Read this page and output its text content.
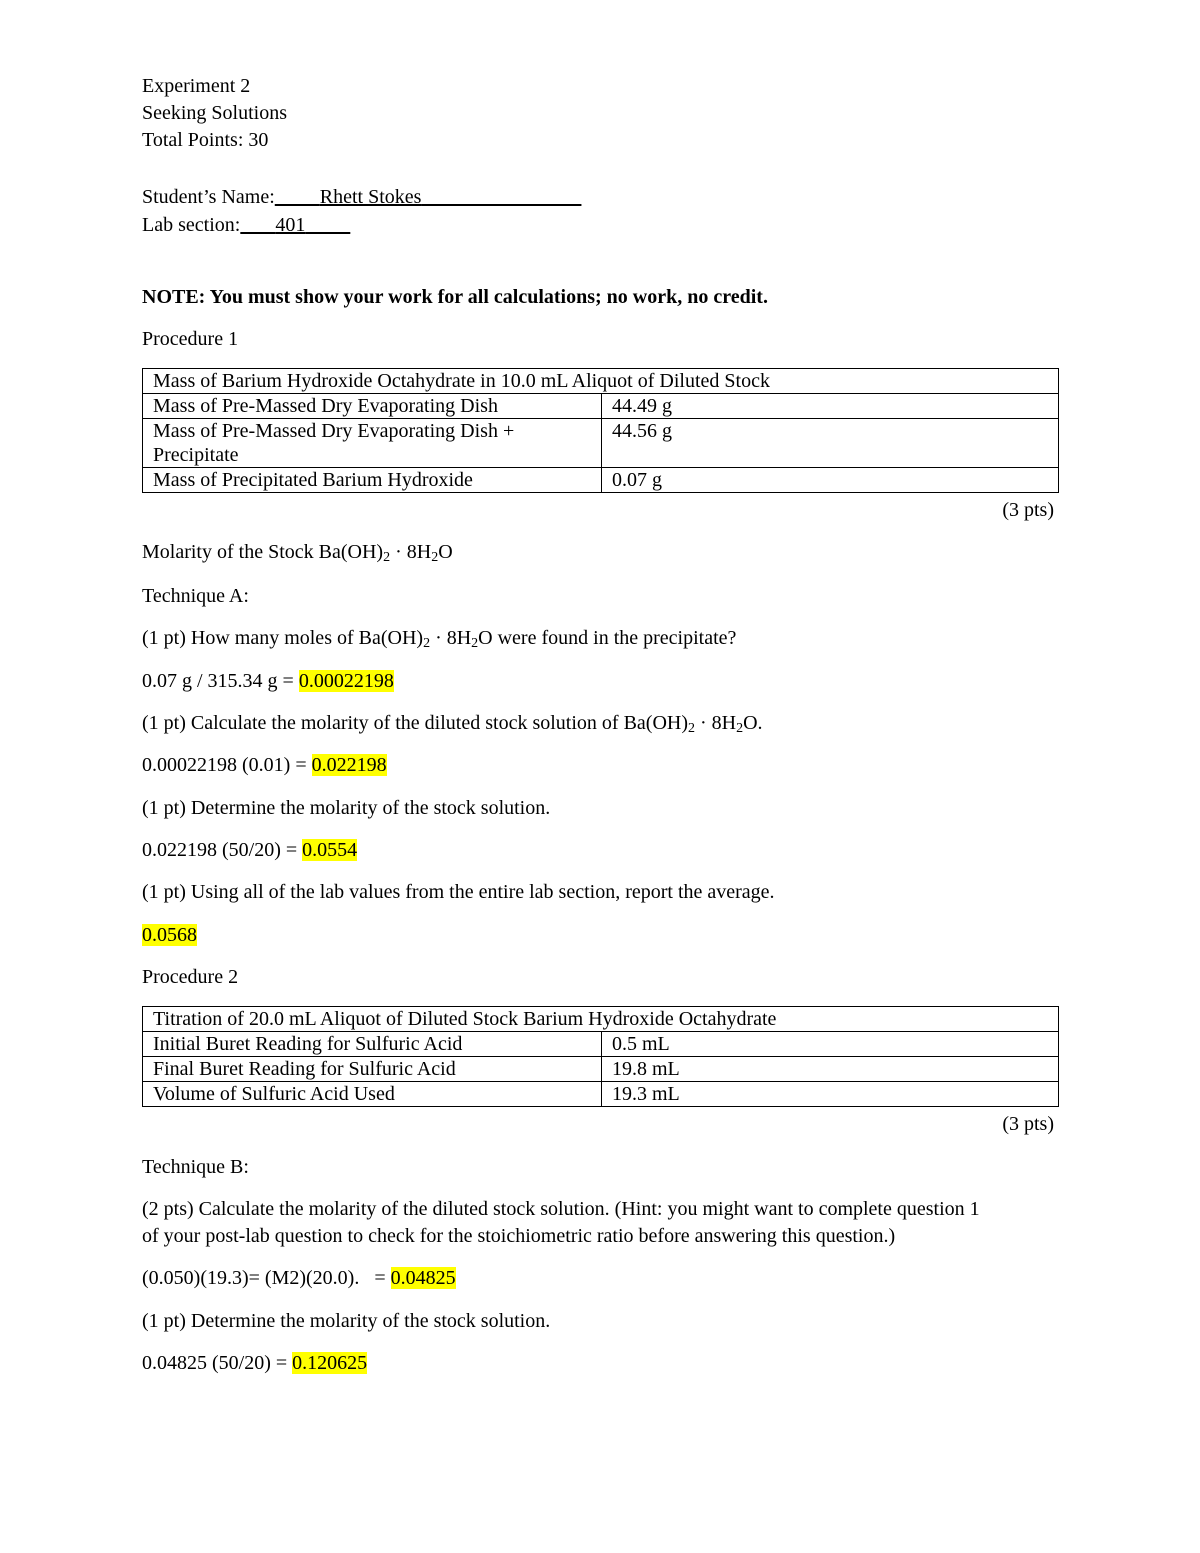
Experiment 2
Seeking Solutions
Total Points: 30
Student’s Name: Rhett Stokes
Lab section: 401
NOTE: You must show your work for all calculations; no work, no credit.
Procedure 1
Mass of Barium Hydroxide Octahydrate in 10.0 mL Aliquot of Diluted Stock	
Mass of Pre-Massed Dry Evaporating Dish	44.49 g
Mass of Pre-Massed Dry Evaporating Dish + Precipitate	44.56 g
Mass of Precipitated Barium Hydroxide	0.07 g
(3 pts)
Molarity of the Stock $Ba(OH)_2 \cdot 8H_2O$
Technique A:
(1 pt) How many moles of $Ba(OH)_2 \cdot 8H_2O$ were found in the precipitate?
0.07 g / 315.34 g = 0.00022198
(1 pt) Calculate the molarity of the diluted stock solution of $Ba(OH)_2 \cdot 8H_2O$.
0.00022198 (0.01) = 0.022198
(1 pt) Determine the molarity of the stock solution.
0.022198 (50/20) = 0.0554
(1 pt) Using all of the lab values from the entire lab section, report the average.
0.0568
Procedure 2
Titration of 20.0 mL Aliquot of Diluted Stock Barium Hydroxide Octahydrate	
Initial Buret Reading for Sulfuric Acid	0.5 mL
Final Buret Reading for Sulfuric Acid	19.8 mL
Volume of Sulfuric Acid Used	19.3 mL
(3 pts)
Technique B:
(2 pts) Calculate the molarity of the diluted stock solution. (Hint: you might want to complete question 1
of your post-lab question to check for the stoichiometric ratio before answering this question.)
(0.050)(19.3)= (M2)(20.0).   = 0.04825
(1 pt) Determine the molarity of the stock solution.
0.04825 (50/20) = 0.120625
